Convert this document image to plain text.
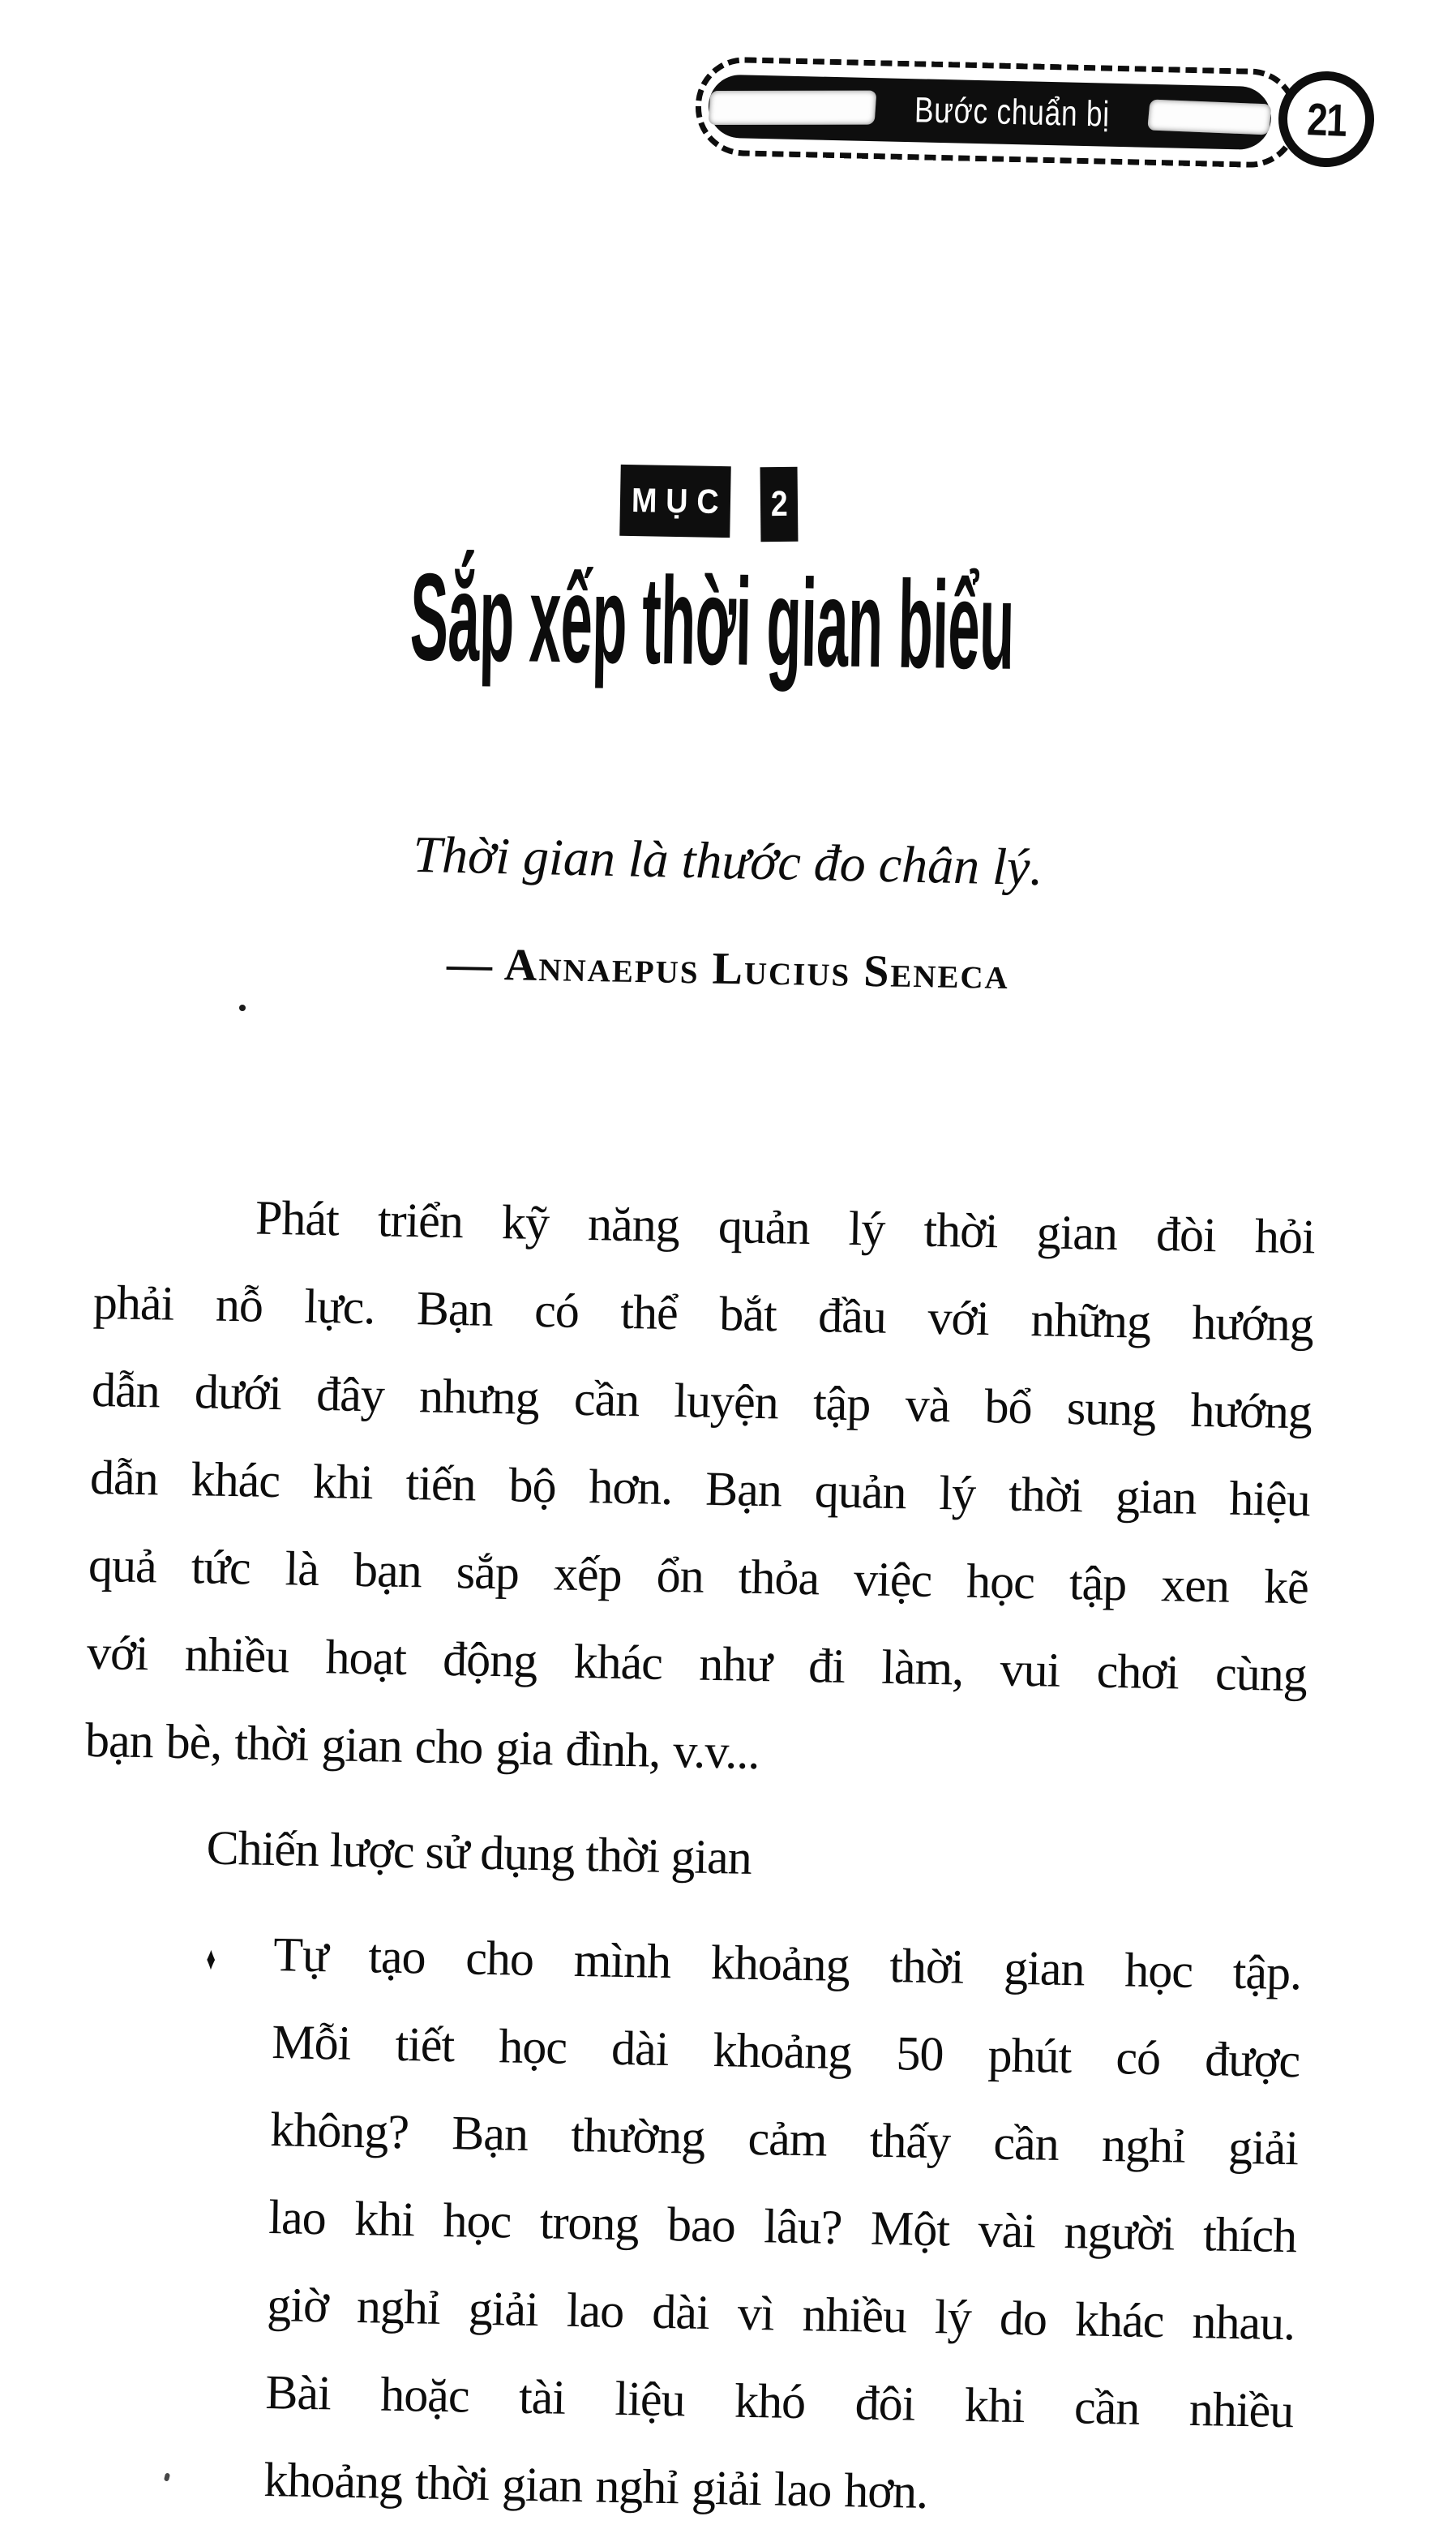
Bước chuẩn bị	21
MỤC 2
Sắp xếp thời gian biểu
Thời gian là thước đo chân lý.
— Annaepus Lucius Seneca
Phát triển kỹ năng quản lý thời gian đòi hỏi
phải nỗ lực. Bạn có thể bắt đầu với những hướng
dẫn dưới đây nhưng cần luyện tập và bổ sung hướng
dẫn khác khi tiến bộ hơn. Bạn quản lý thời gian hiệu
quả tức là bạn sắp xếp ổn thỏa việc học tập xen kẽ
với nhiều hoạt động khác như đi làm, vui chơi cùng
bạn bè, thời gian cho gia đình, v.v...
Chiến lược sử dụng thời gian
♦	Tự tạo cho mình khoảng thời gian học tập.
Mỗi tiết học dài khoảng 50 phút có được
không? Bạn thường cảm thấy cần nghỉ giải
lao khi học trong bao lâu? Một vài người thích
giờ nghỉ giải lao dài vì nhiều lý do khác nhau.
Bài hoặc tài liệu khó đôi khi cần nhiều
khoảng thời gian nghỉ giải lao hơn.
